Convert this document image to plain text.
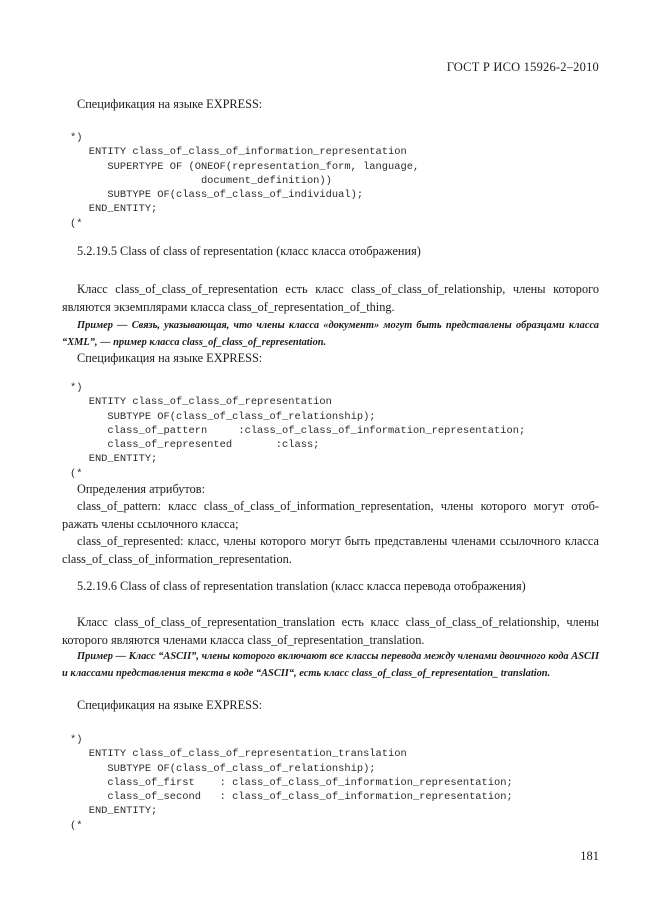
ГОСТ Р ИСО 15926-2–2010

Спецификация на языке EXPRESS:

*)
ENTITY class_of_class_of_information_representation
SUPERTYPE OF (ONEOF(representation_form, language,
document_definition))
SUBTYPE OF(class_of_class_of_individual);
END_ENTITY;
(*

5.2.19.5 Class of class of representation (класс класса отображения)

Класс class_of_class_of_representation есть класс class_of_class_of_relationship, члены которого являются экземплярами класса class_of_representation_of_thing.

Пример — Связь, указывающая, что члены класса «документ» могут быть представлены образцами класса “XML”, — пример класса class_of_class_of_representation.

Спецификация на языке EXPRESS:

*)
ENTITY class_of_class_of_representation
SUBTYPE OF(class_of_class_of_relationship);
class_of_pattern     :class_of_class_of_information_representation;
class_of_represented       :class;
END_ENTITY;
(*

Определения атрибутов:

class_of_pattern: класс class_of_class_of_information_representation, члены которого могут отоб-ражать члены ссылочного класса;

class_of_represented: класс, члены которого могут быть представлены членами ссылочного класса class_of_class_of_information_representation.

5.2.19.6 Class of class of representation translation (класс класса перевода отображения)

Класс class_of_class_of_representation_translation есть класс class_of_class_of_relationship, члены которого являются членами класса class_of_representation_translation.

Пример — Класс “ASCII”, члены которого включают все классы перевода между членами двоичного кода ASCII и классами представления текста в коде “ASCII“, есть класс class_of_class_of_representation_ translation.

Спецификация на языке EXPRESS:

*)
ENTITY class_of_class_of_representation_translation
SUBTYPE OF(class_of_class_of_relationship);
class_of_first    : class_of_class_of_information_representation;
class_of_second   : class_of_class_of_information_representation;
END_ENTITY;
(*
181
